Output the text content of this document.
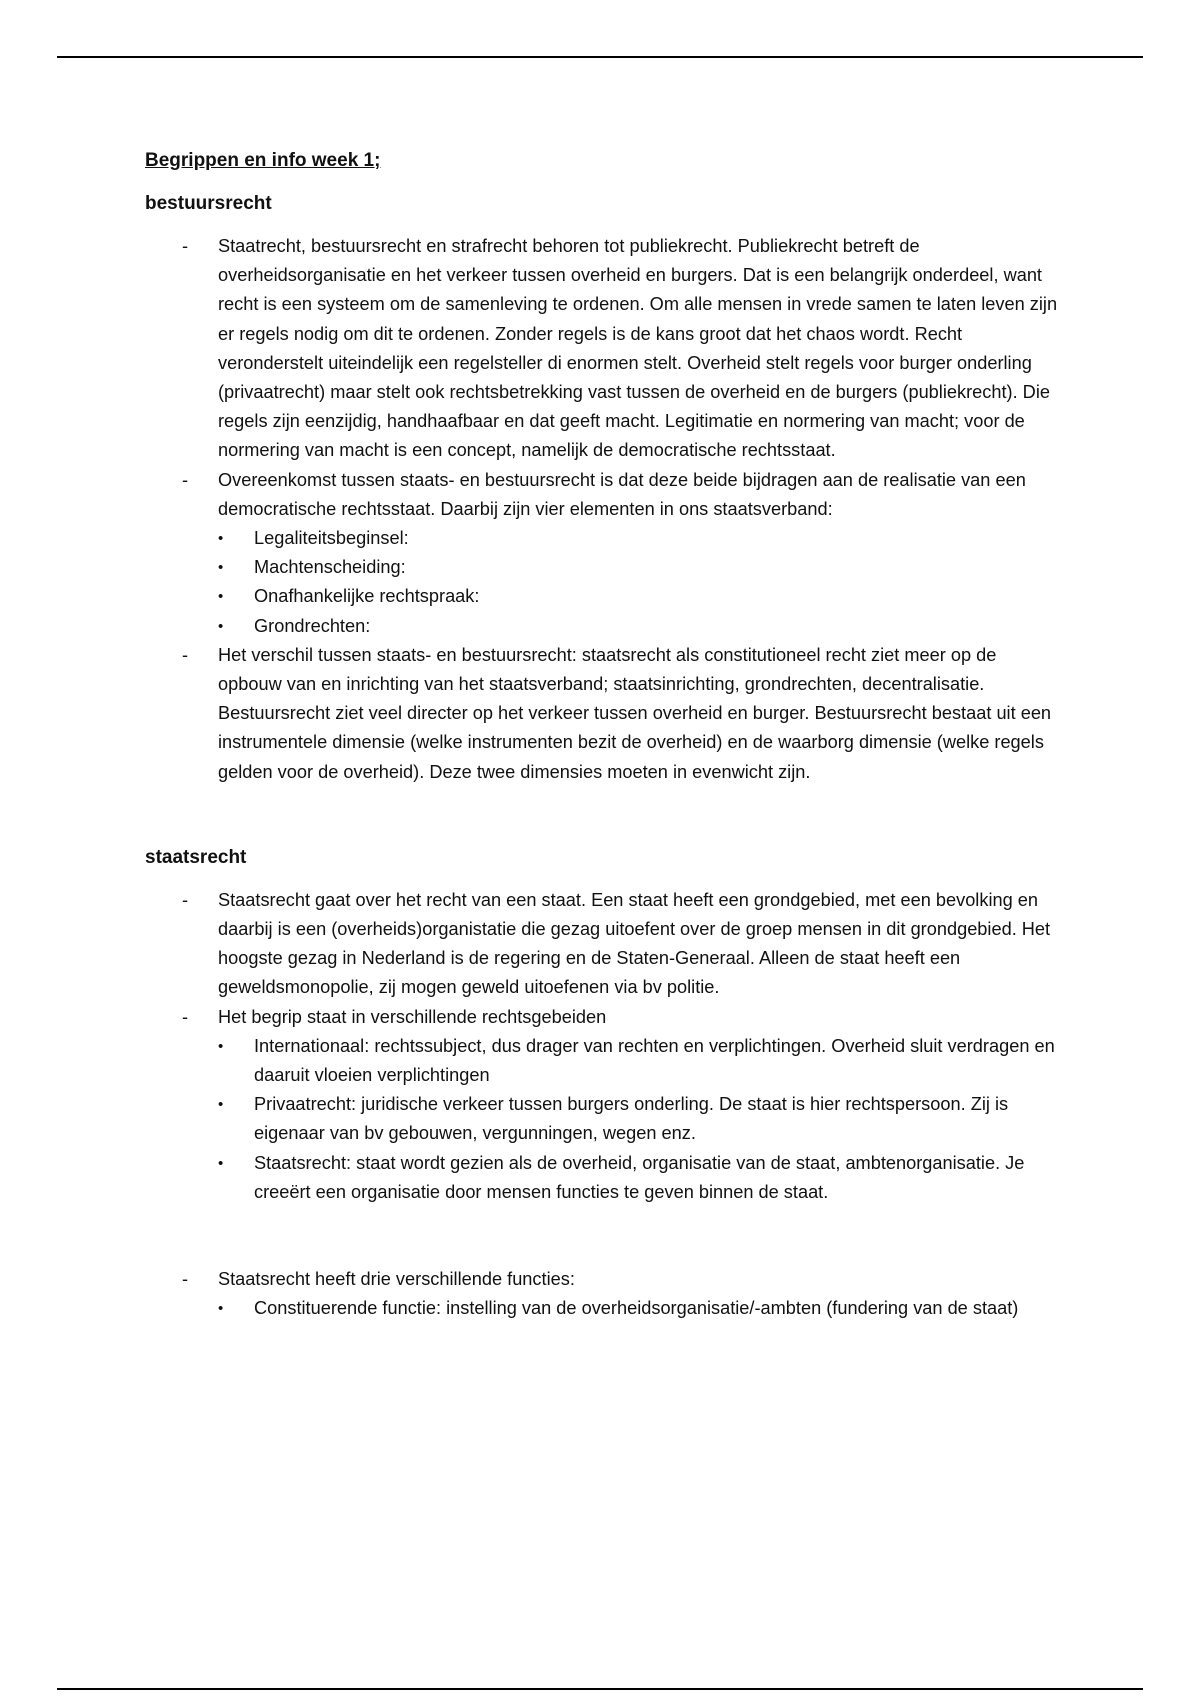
Begrippen en info week 1;
bestuursrecht
- Staatrecht, bestuursrecht en strafrecht behoren tot publiekrecht. Publiekrecht betreft de overheidsorganisatie en het verkeer tussen overheid en burgers. Dat is een belangrijk onderdeel, want recht is een systeem om de samenleving te ordenen. Om alle mensen in vrede samen te laten leven zijn er regels nodig om dit te ordenen. Zonder regels is de kans groot dat het chaos wordt. Recht veronderstelt uiteindelijk een regelsteller di enormen stelt. Overheid stelt regels voor burger onderling (privaatrecht) maar stelt ook rechtsbetrekking vast tussen de overheid en de burgers (publiekrecht). Die regels zijn eenzijdig, handhaafbaar en dat geeft macht. Legitimatie en normering van macht; voor de normering van macht is een concept, namelijk de democratische rechtsstaat.
- Overeenkomst tussen staats- en bestuursrecht is dat deze beide bijdragen aan de realisatie van een democratische rechtsstaat. Daarbij zijn vier elementen in ons staatsverband:
• Legaliteitsbeginsel:
• Machtenscheiding:
• Onafhankelijke rechtspraak:
• Grondrechten:
- Het verschil tussen staats- en bestuursrecht: staatsrecht als constitutioneel recht ziet meer op de opbouw van en inrichting van het staatsverband; staatsinrichting, grondrechten, decentralisatie. Bestuursrecht ziet veel directer op het verkeer tussen overheid en burger. Bestuursrecht bestaat uit een instrumentele dimensie (welke instrumenten bezit de overheid) en de waarborg dimensie (welke regels gelden voor de overheid). Deze twee dimensies moeten in evenwicht zijn.
staatsrecht
- Staatsrecht gaat over het recht van een staat. Een staat heeft een grondgebied, met een bevolking en daarbij is een (overheids)organistatie die gezag uitoefent over de groep mensen in dit grondgebied. Het hoogste gezag in Nederland is de regering en de Staten-Generaal. Alleen de staat heeft een geweldsmonopolie, zij mogen geweld uitoefenen via bv politie.
- Het begrip staat in verschillende rechtsgebeiden
• Internationaal: rechtssubject, dus drager van rechten en verplichtingen. Overheid sluit verdragen en daaruit vloeien verplichtingen
• Privaatrecht: juridische verkeer tussen burgers onderling. De staat is hier rechtspersoon. Zij is eigenaar van bv gebouwen, vergunningen, wegen enz.
• Staatsrecht: staat wordt gezien als de overheid, organisatie van de staat, ambtenorganisatie. Je creeërt een organisatie door mensen functies te geven binnen de staat.
- Staatsrecht heeft drie verschillende functies:
• Constituerende functie: instelling van de overheidsorganisatie/-ambten (fundering van de staat)
